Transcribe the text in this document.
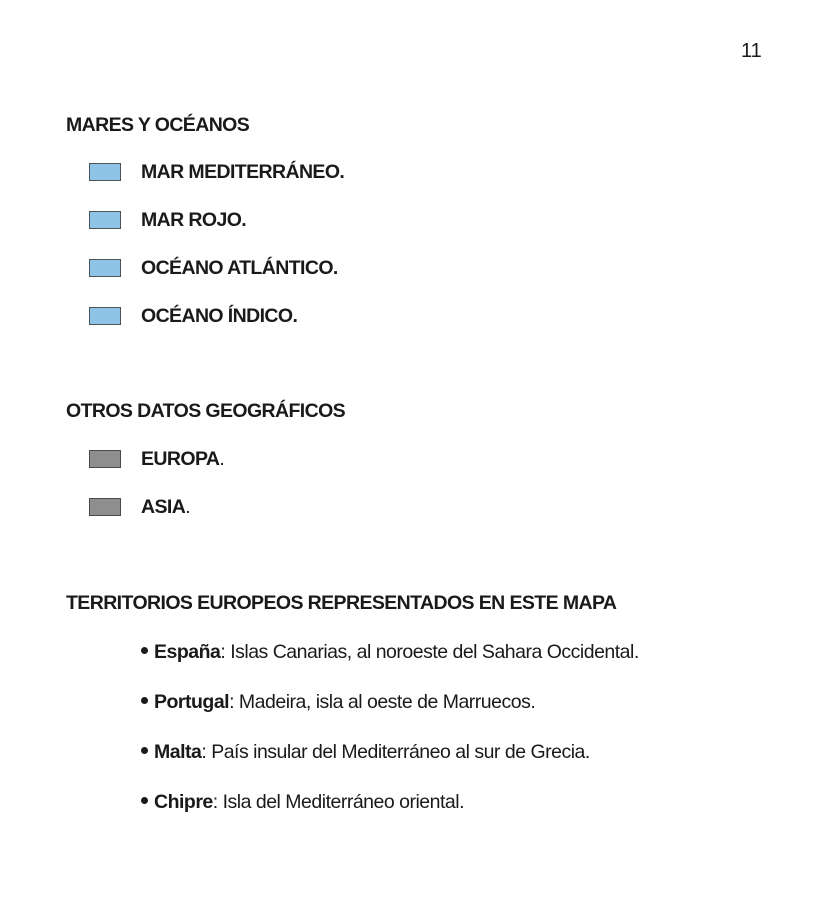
11
MARES Y OCÉANOS
MAR MEDITERRÁNEO.
MAR ROJO.
OCÉANO ATLÁNTICO.
OCÉANO ÍNDICO.
OTROS DATOS GEOGRÁFICOS
EUROPA.
ASIA.
TERRITORIOS EUROPEOS REPRESENTADOS EN ESTE MAPA
España: Islas Canarias, al noroeste del Sahara Occidental.
Portugal: Madeira, isla al oeste de Marruecos.
Malta: País insular del Mediterráneo al sur de Grecia.
Chipre: Isla del Mediterráneo oriental.
